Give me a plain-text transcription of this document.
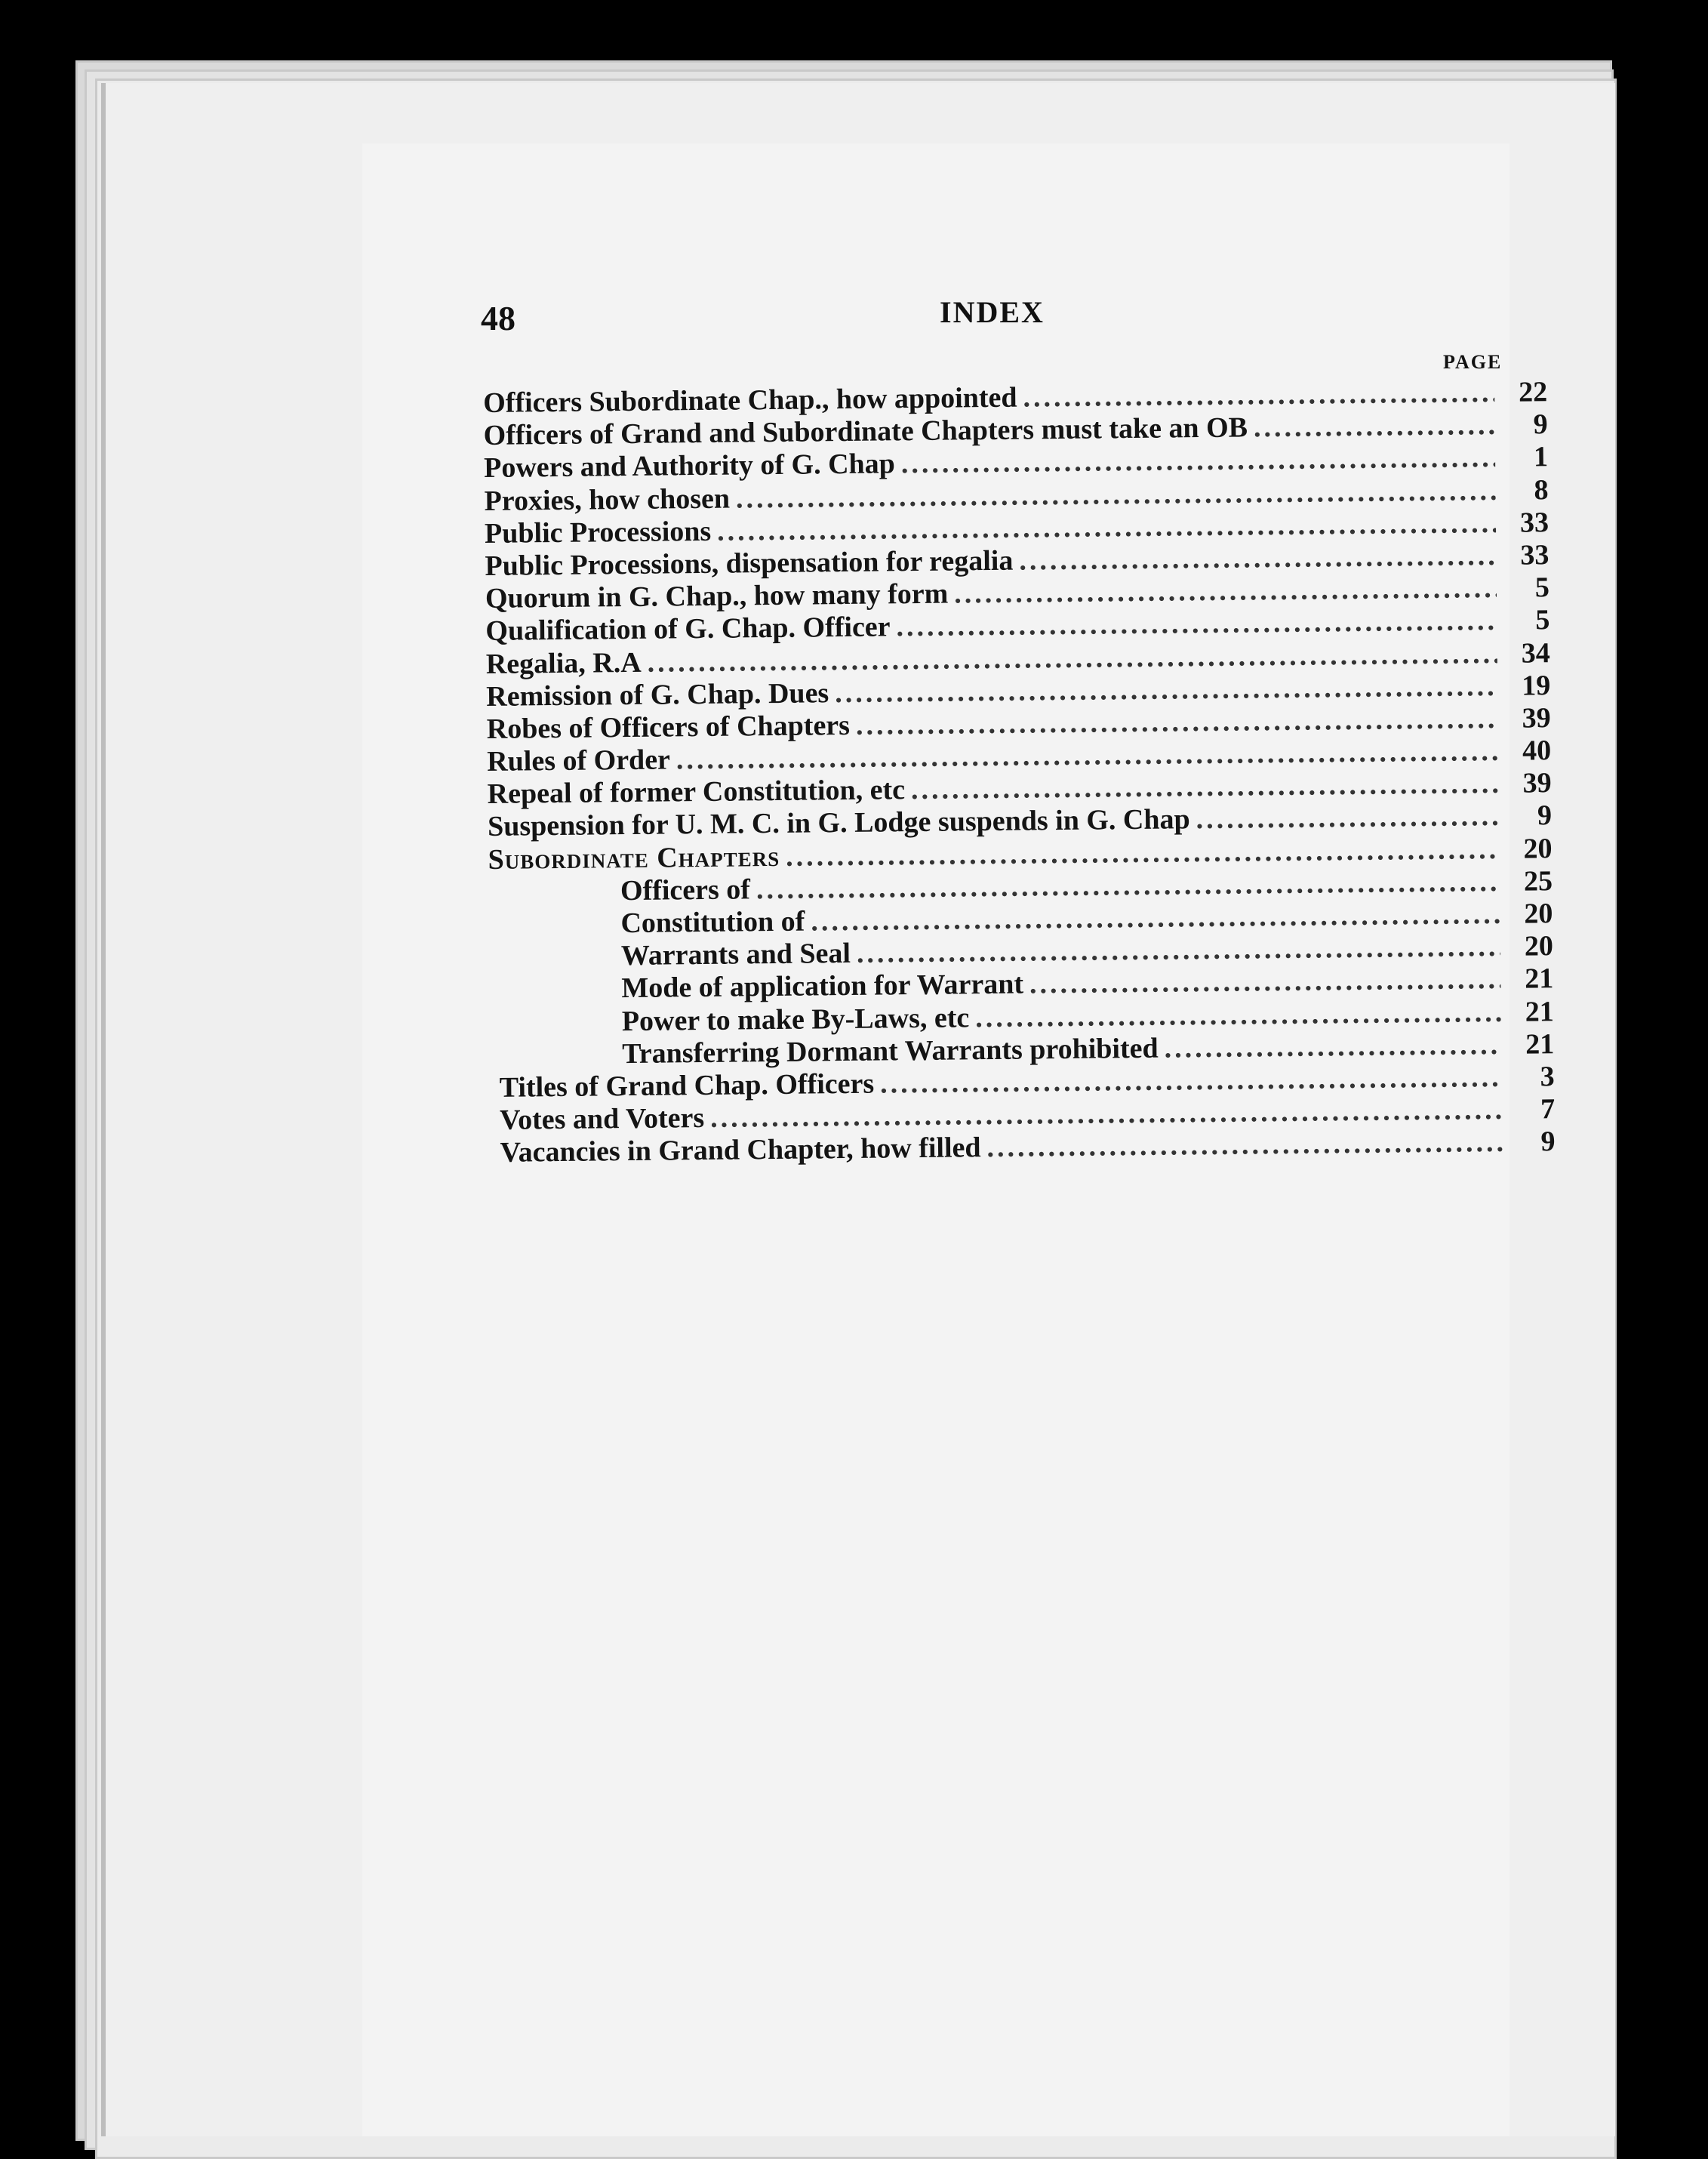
48	INDEX
PAGE
Officers Subordinate Chap., how appointed .....	22
Officers of Grand and Subordinate Chapters must take an OB .....	9
Powers and Authority of G. Chap .....	1
Proxies, how chosen .....	8
Public Processions .....	33
Public Processions, dispensation for regalia .....	33
Quorum in G. Chap., how many form .....	5
Qualification of G. Chap. Officer .....	5
Regalia, R.A .....	34
Remission of G. Chap. Dues .....	19
Robes of Officers of Chapters .....	39
Rules of Order .....	40
Repeal of former Constitution, etc .....	39
Suspension for U. M. C. in G. Lodge suspends in G. Chap .....	9
Subordinate Chapters .....	20
Officers of .....	25
Constitution of .....	20
Warrants and Seal .....	20
Mode of application for Warrant .....	21
Power to make By-Laws, etc .....	21
Transferring Dormant Warrants prohibited .....	21
Titles of Grand Chap. Officers .....	3
Votes and Voters .....	7
Vacancies in Grand Chapter, how filled .....	9
